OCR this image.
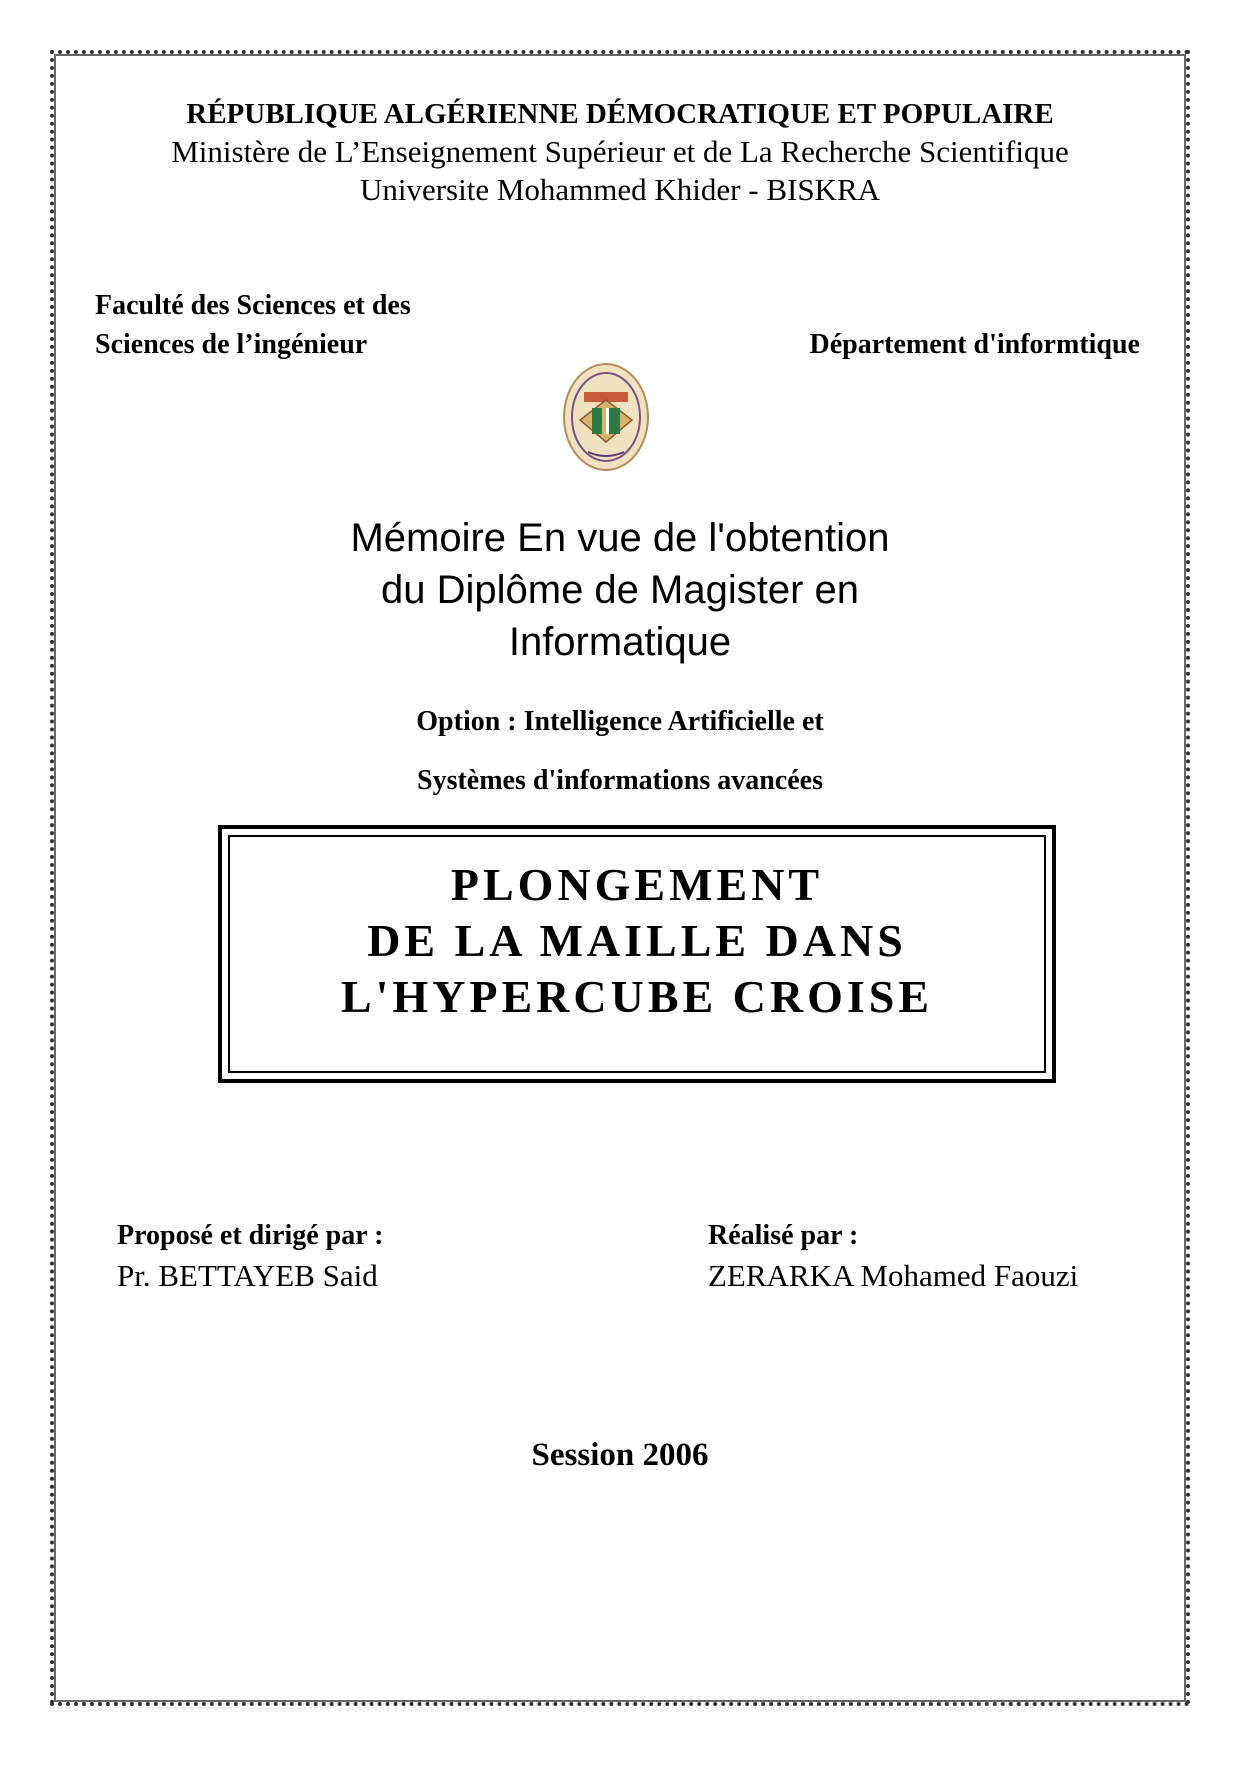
RÉPUBLIQUE ALGÉRIENNE DÉMOCRATIQUE ET POPULAIRE
Ministère de L’Enseignement Supérieur et de La Recherche Scientifique
Universite Mohammed Khider - BISKRA
Faculté des Sciences et des
Sciences de l’ingénieur	Département d'informtique
Mémoire En vue de l'obtention
du Diplôme de Magister en
Informatique
Option : Intelligence Artificielle et
Systèmes d'informations avancées
PLONGEMENT
DE LA MAILLE DANS
L'HYPERCUBE CROISE
Proposé et dirigé par :
Pr. BETTAYEB Said
Réalisé par :
ZERARKA Mohamed Faouzi
Session 2006
